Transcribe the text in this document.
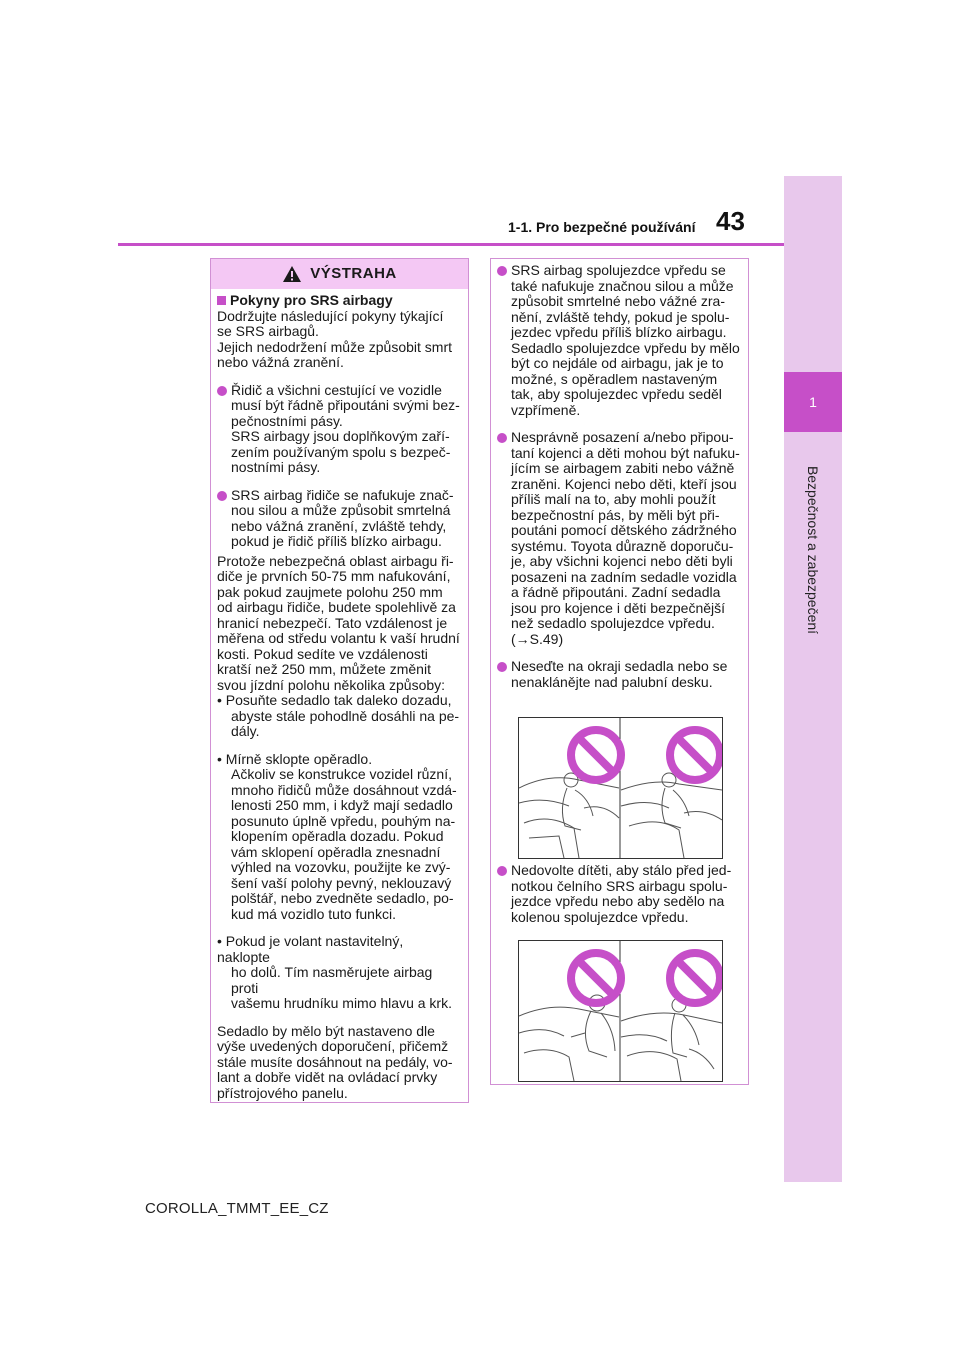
1
Bezpečnost a zabezpečení
43
1-1. Pro bezpečné používání
VÝSTRAHA

Pokyny pro SRS airbagy

Dodržujte následující pokyny týkající

se SRS airbagů.

Jejich nedodržení může způsobit smrt

nebo vážná zranění.

Řidič a všichni cestující ve vozidle

musí být řádně připoutáni svými bez-

pečnostními pásy.

SRS airbagy jsou doplňkovým zaří-

zením používaným spolu s bezpeč-

nostními pásy.

SRS airbag řidiče se nafukuje znač-

nou silou a může způsobit smrtelná

nebo vážná zranění, zvláště tehdy,

pokud je řidič příliš blízko airbagu.

Protože nebezpečná oblast airbagu ři-

diče je prvních 50-75 mm nafukování,

pak pokud zaujmete polohu 250 mm

od airbagu řidiče, budete spolehlivě za

hranicí nebezpečí. Tato vzdálenost je

měřena od středu volantu k vaší hrudní

kosti. Pokud sedíte ve vzdálenosti

kratší než 250 mm, můžete změnit

svou jízdní polohu několika způsoby:

• Posuňte sedadlo tak daleko dozadu,

abyste stále pohodlně dosáhli na pe-

dály.

• Mírně sklopte opěradlo.

Ačkoliv se konstrukce vozidel různí,

mnoho řidičů může dosáhnout vzdá-

lenosti 250 mm, i když mají sedadlo

posunuto úplně vpředu, pouhým na-

klopením opěradla dozadu. Pokud

vám sklopení opěradla znesnadní

výhled na vozovku, použijte ke zvý-

šení vaší polohy pevný, neklouzavý

polštář, nebo zvedněte sedadlo, po-

kud má vozidlo tuto funkci.

• Pokud je volant nastavitelný, naklopte

ho dolů. Tím nasměrujete airbag proti

vašemu hrudníku mimo hlavu a krk.

Sedadlo by mělo být nastaveno dle

výše uvedených doporučení, přičemž

stále musíte dosáhnout na pedály, vo-

lant a dobře vidět na ovládací prvky

přístrojového panelu.

SRS airbag spolujezdce vpředu se

také nafukuje značnou silou a může

způsobit smrtelné nebo vážné zra-

nění, zvláště tehdy, pokud je spolu-

jezdec vpředu příliš blízko airbagu.

Sedadlo spolujezdce vpředu by mělo

být co nejdále od airbagu, jak je to

možné, s opěradlem nastaveným

tak, aby spolujezdec vpředu seděl

vzpřímeně.

Nesprávně posazení a/nebo připou-

taní kojenci a děti mohou být nafuku-

jícím se airbagem zabiti nebo vážně

zraněni. Kojenci nebo děti, kteří jsou

příliš malí na to, aby mohli použít

bezpečnostní pás, by měli být při-

poutáni pomocí dětského zádržného

systému. Toyota důrazně doporuču-

je, aby všichni kojenci nebo děti byli

posazeni na zadním sedadle vozidla

a řádně připoutáni. Zadní sedadla

jsou pro kojence i děti bezpečnější

než sedadlo spolujezdce vpředu.

(→S.49)

Neseďte na okraji sedadla nebo se

nenaklánějte nad palubní desku.

Nedovolte dítěti, aby stálo před jed-

notkou čelního SRS airbagu spolu-

jezdce vpředu nebo aby sedělo na

kolenou spolujezdce vpředu.

COROLLA_TMMT_EE_CZ
